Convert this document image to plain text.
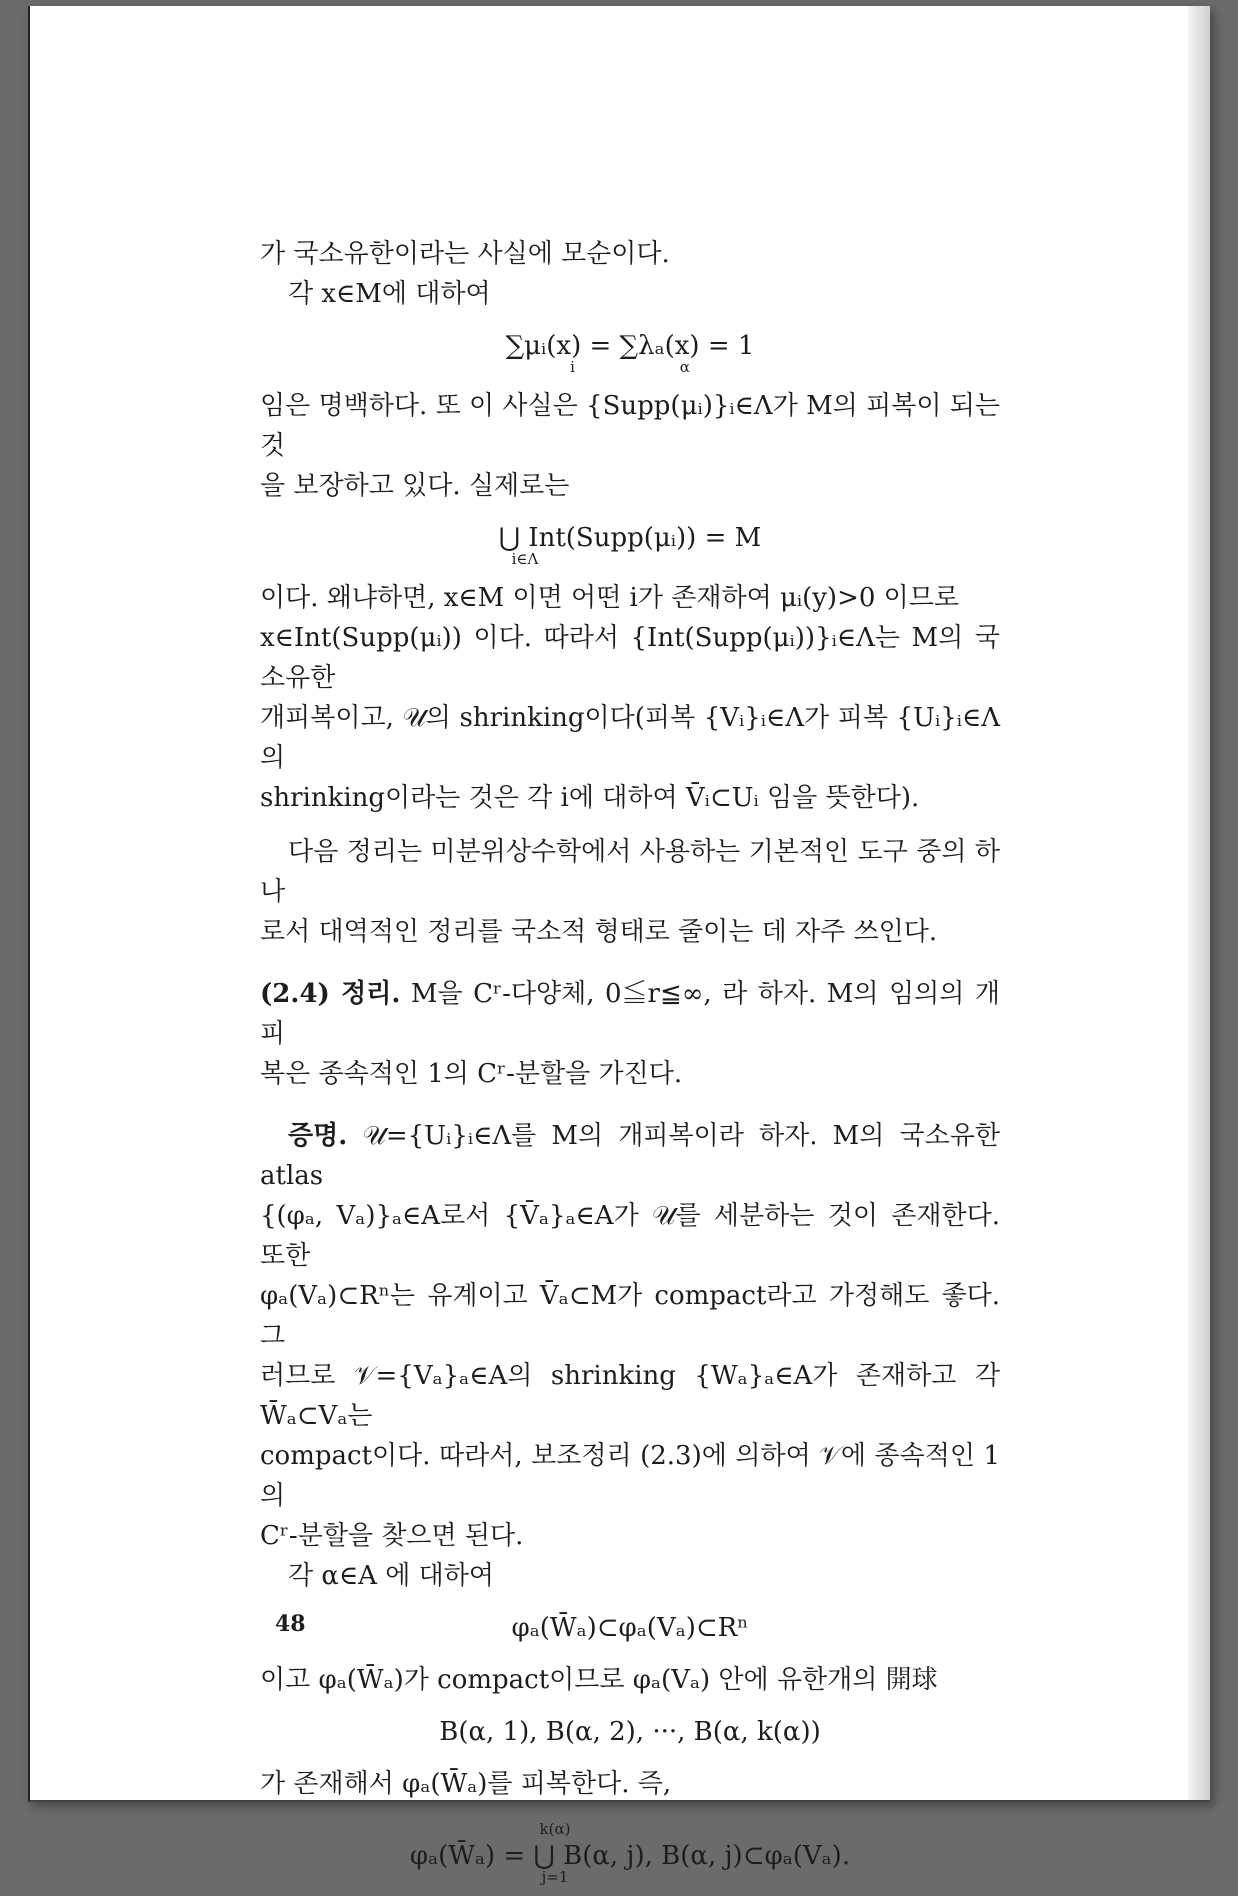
가 국소유한이라는 사실에 모순이다.

각 x∈M에 대하여

∑μᵢ(x) = ∑λₐ(x) = 1
i                      α

임은 명백하다. 또 이 사실은 {Supp(μᵢ)}ᵢ∈Λ가 M의 피복이 되는 것

을 보장하고 있다. 실제로는

⋃ Int(Supp(μᵢ)) = M
i∈Λ

이다. 왜냐하면, x∈M 이면 어떤 i가 존재하여 μᵢ(y)>0 이므로

x∈Int(Supp(μᵢ)) 이다. 따라서 {Int(Supp(μᵢ))}ᵢ∈Λ는 M의 국소유한

개피복이고, 𝒰의 shrinking이다(피복 {Vᵢ}ᵢ∈Λ가 피복 {Uᵢ}ᵢ∈Λ의

shrinking이라는 것은 각 i에 대하여 V̄ᵢ⊂Uᵢ 임을 뜻한다).

다음 정리는 미분위상수학에서 사용하는 기본적인 도구 중의 하나

로서 대역적인 정리를 국소적 형태로 줄이는 데 자주 쓰인다.

(2.4) 정리. M을 Cʳ-다양체, 0≦r≦∞, 라 하자. M의 임의의 개피

복은 종속적인 1의 Cʳ-분할을 가진다.

증명. 𝒰={Uᵢ}ᵢ∈Λ를 M의 개피복이라 하자. M의 국소유한 atlas

{(φₐ, Vₐ)}ₐ∈A로서 {V̄ₐ}ₐ∈A가 𝒰를 세분하는 것이 존재한다. 또한

φₐ(Vₐ)⊂Rⁿ는 유계이고 V̄ₐ⊂M가 compact라고 가정해도 좋다. 그

러므로 𝒱={Vₐ}ₐ∈A의 shrinking {Wₐ}ₐ∈A가 존재하고 각 W̄ₐ⊂Vₐ는

compact이다. 따라서, 보조정리 (2.3)에 의하여 𝒱에 종속적인 1의

Cʳ-분할을 찾으면 된다.

각 α∈A 에 대하여

φₐ(W̄ₐ)⊂φₐ(Vₐ)⊂Rⁿ

이고 φₐ(W̄ₐ)가 compact이므로 φₐ(Vₐ) 안에 유한개의 開球

B(α, 1), B(α, 2), ···, B(α, k(α))

가 존재해서 φₐ(W̄ₐ)를 피복한다. 즉,

k(α)
φₐ(W̄ₐ) = ⋃ B(α, j), B(α, j)⊂φₐ(Vₐ).
j=1
48
